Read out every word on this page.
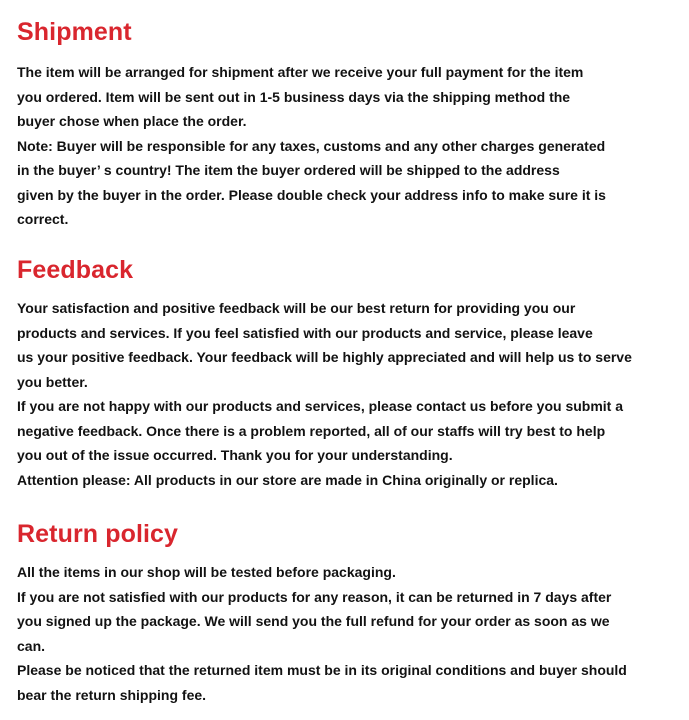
Shipment
The item will be arranged for shipment after we receive your full payment for the item
you ordered. Item will be sent out in 1-5 business days via the shipping method the
buyer chose when place the order.
Note: Buyer will be responsible for any taxes, customs and any other charges generated
in the buyer’ s country! The item the buyer ordered will be shipped to the address
given by the buyer in the order. Please double check your address info to make sure it is
correct.
Feedback
Your satisfaction and positive feedback will be our best return for providing you our
products and services. If you feel satisfied with our products and service, please leave
us your positive feedback. Your feedback will be highly appreciated and will help us to serve
you better.
If you are not happy with our products and services, please contact us before you submit a
negative feedback. Once there is a problem reported, all of our staffs will try best to help
you out of the issue occurred. Thank you for your understanding.
Attention please: All products in our store are made in China originally or replica.
Return policy
All the items in our shop will be tested before packaging.
If you are not satisfied with our products for any reason, it can be returned in 7 days after
you signed up the package. We will send you the full refund for your order as soon as we
can.
Please be noticed that the returned item must be in its original conditions and buyer should
bear the return shipping fee.
